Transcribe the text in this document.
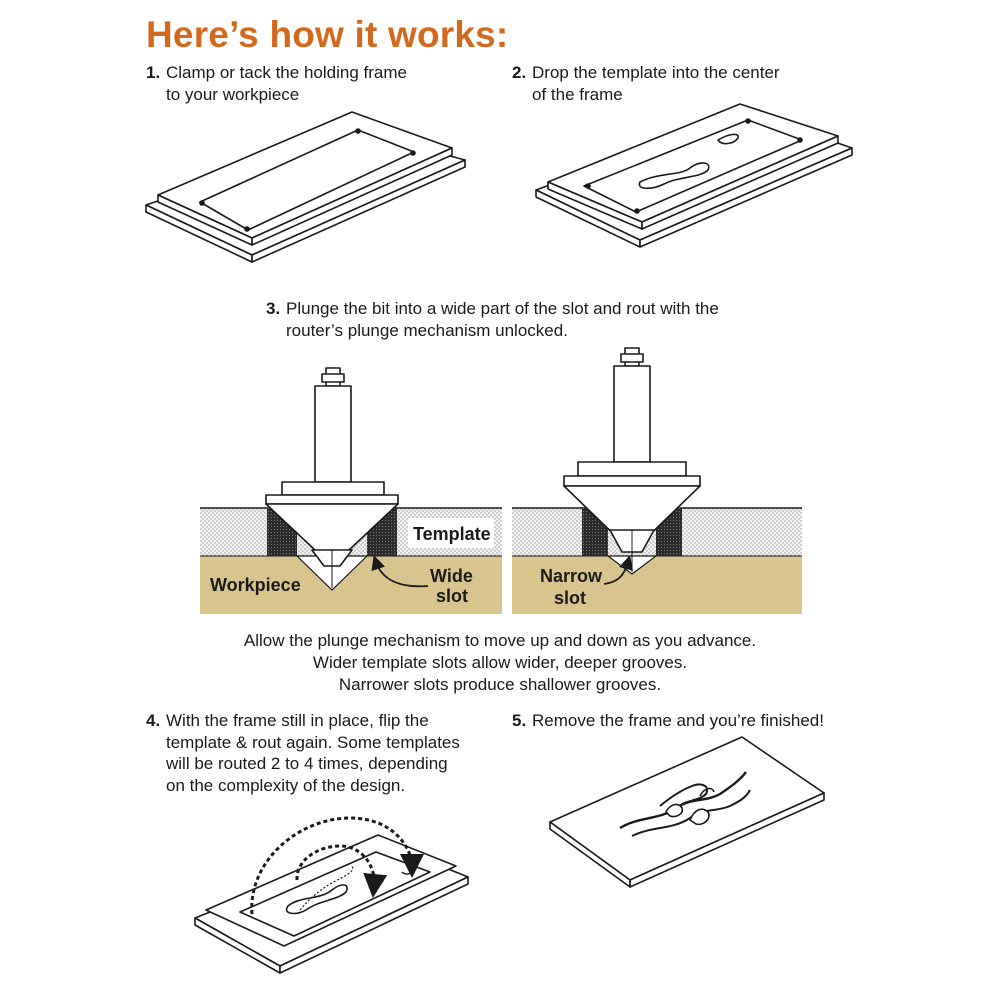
Here’s how it works:
1. Clamp or tack the holding frame
to your workpiece
2. Drop the template into the center
of the frame
3. Plunge the bit into a wide part of the slot and rout with the
router’s plunge mechanism unlocked.
Allow the plunge mechanism to move up and down as you advance.
Wider template slots allow wider, deeper grooves.
Narrower slots produce shallower grooves.
4. With the frame still in place, flip the
template & rout again. Some templates
will be routed 2 to 4 times, depending
on the complexity of the design.
5. Remove the frame and you’re finished!
Template
Workpiece	Wide
slot
Narrow
slot
